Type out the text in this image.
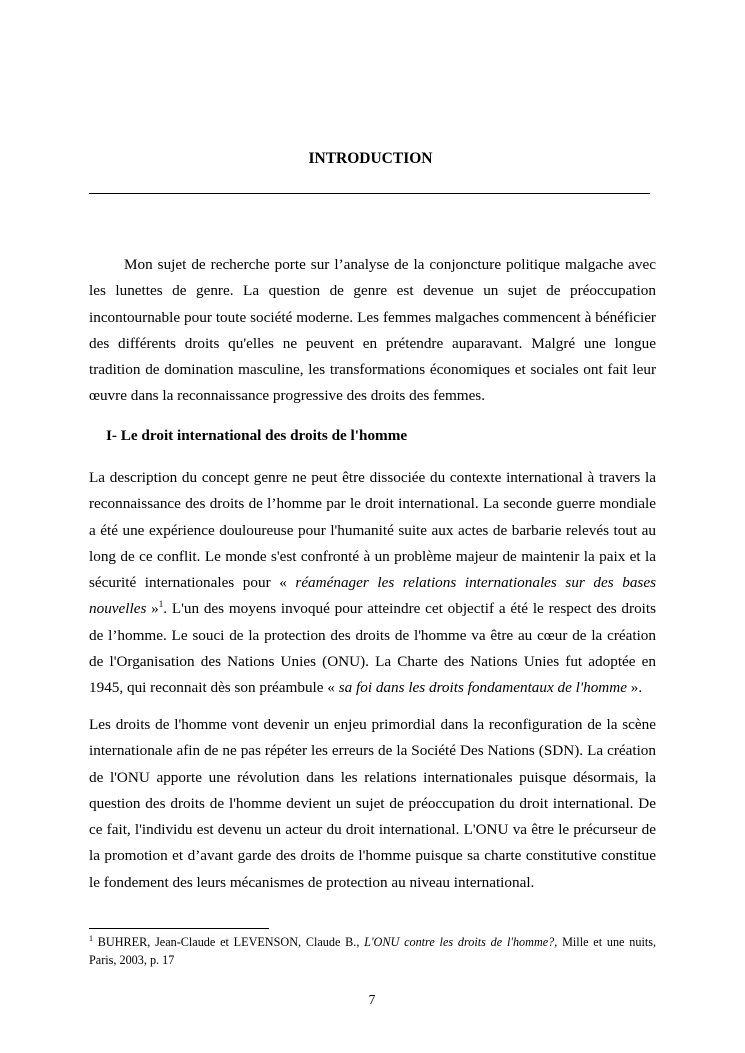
INTRODUCTION

Mon sujet de recherche porte sur l’analyse de la conjoncture politique malgache avec les lunettes de genre. La question de genre est devenue un sujet de préoccupation incontournable pour toute société moderne. Les femmes malgaches commencent à bénéficier des différents droits qu'elles ne peuvent en prétendre auparavant. Malgré une longue tradition de domination masculine, les transformations économiques et sociales ont fait leur œuvre dans la reconnaissance progressive des droits des femmes.

I- Le droit international des droits de l'homme

La description du concept genre ne peut être dissociée du contexte international à travers la reconnaissance des droits de l’homme par le droit international. La seconde guerre mondiale a été une expérience douloureuse pour l'humanité suite aux actes de barbarie relevés tout au long de ce conflit. Le monde s'est confronté à un problème majeur de maintenir la paix et la sécurité internationales pour « réaménager les relations internationales sur des bases nouvelles »$^1$. L'un des moyens invoqué pour atteindre cet objectif a été le respect des droits de l’homme. Le souci de la protection des droits de l'homme va être au cœur de la création de l'Organisation des Nations Unies (ONU). La Charte des Nations Unies fut adoptée en 1945, qui reconnait dès son préambule « sa foi dans les droits fondamentaux de l'homme ».

Les droits de l'homme vont devenir un enjeu primordial dans la reconfiguration de la scène internationale afin de ne pas répéter les erreurs de la Société Des Nations (SDN). La création de l'ONU apporte une révolution dans les relations internationales puisque désormais, la question des droits de l'homme devient un sujet de préoccupation du droit international. De ce fait, l'individu est devenu un acteur du droit international. L'ONU va être le précurseur de la promotion et d’avant garde des droits de l'homme puisque sa charte constitutive constitue le fondement des leurs mécanismes de protection au niveau international.

$^1$ BUHRER, Jean-Claude et LEVENSON, Claude B., L'ONU contre les droits de l'homme?, Mille et une nuits, Paris, 2003, p. 17

7
